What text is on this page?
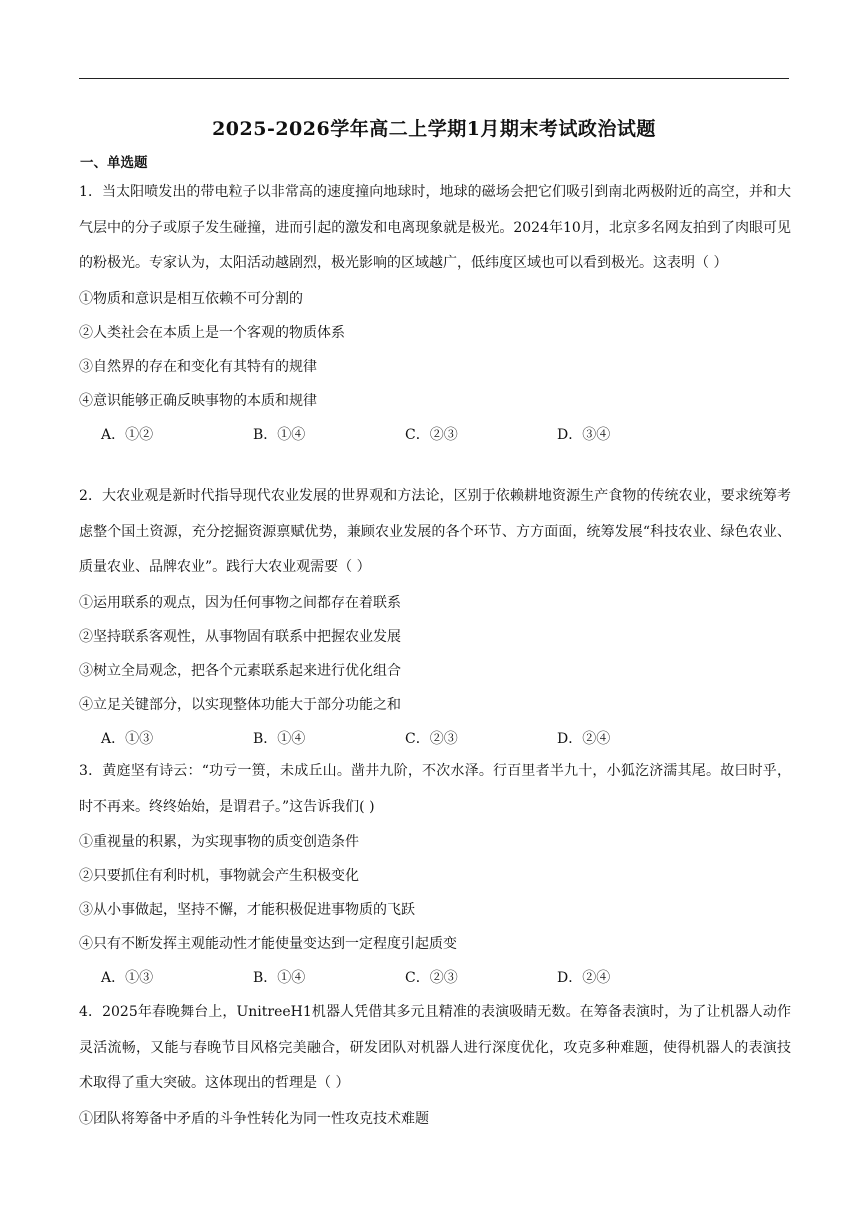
2025-2026学年高二上学期1月期末考试政治试题
一、单选题

1．当太阳喷发出的带电粒子以非常高的速度撞向地球时，地球的磁场会把它们吸引到南北两极附近的高空，并和大气层中的分子或原子发生碰撞，进而引起的激发和电离现象就是极光。2024年10月，北京多名网友拍到了肉眼可见的粉极光。专家认为，太阳活动越剧烈，极光影响的区域越广，低纬度区域也可以看到极光。这表明（ ）

①物质和意识是相互依赖不可分割的

②人类社会在本质上是一个客观的物质体系

③自然界的存在和变化有其特有的规律

④意识能够正确反映事物的本质和规律

A．①②	B．①④	C．②③	D．③④

2．大农业观是新时代指导现代农业发展的世界观和方法论，区别于依赖耕地资源生产食物的传统农业，要求统筹考虑整个国土资源，充分挖掘资源禀赋优势，兼顾农业发展的各个环节、方方面面，统筹发展“科技农业、绿色农业、质量农业、品牌农业”。践行大农业观需要（ ）

①运用联系的观点，因为任何事物之间都存在着联系

②坚持联系客观性，从事物固有联系中把握农业发展

③树立全局观念，把各个元素联系起来进行优化组合

④立足关键部分，以实现整体功能大于部分功能之和

A．①③	B．①④	C．②③	D．②④

3．黄庭坚有诗云：“功亏一篑，未成丘山。凿井九阶，不次水泽。行百里者半九十，小狐汔济濡其尾。故曰时乎，时不再来。终终始始，是谓君子。”这告诉我们( )

①重视量的积累，为实现事物的质变创造条件

②只要抓住有利时机，事物就会产生积极变化

③从小事做起，坚持不懈，才能积极促进事物质的飞跃

④只有不断发挥主观能动性才能使量变达到一定程度引起质变

A．①③	B．①④	C．②③	D．②④

4．2025年春晚舞台上，UnitreeH1机器人凭借其多元且精准的表演吸睛无数。在筹备表演时，为了让机器人动作灵活流畅，又能与春晚节目风格完美融合，研发团队对机器人进行深度优化，攻克多种难题，使得机器人的表演技术取得了重大突破。这体现出的哲理是（ ）

①团队将筹备中矛盾的斗争性转化为同一性攻克技术难题
